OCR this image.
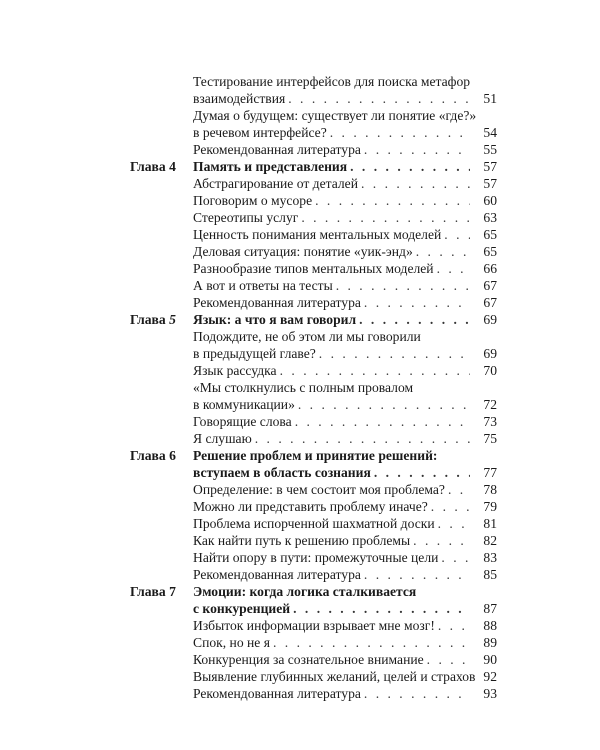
Тестирование интерфейсов для поиска метафор
взаимодействия . . .	51
Думая о будущем: существует ли понятие «где?»
в речевом интерфейсе? . . .	54
Рекомендованная литература . . .	55
Глава 4 Память и представления . . .	57
Абстрагирование от деталей . . .	57
Поговорим о мусоре . . .	60
Стереотипы услуг . . .	63
Ценность понимания ментальных моделей . . .	65
Деловая ситуация: понятие «уик-энд» . . .	65
Разнообразие типов ментальных моделей . . .	66
А вот и ответы на тесты . . .	67
Рекомендованная литература . . .	67
Глава 5 Язык: а что я вам говорил . . .	69
Подождите, не об этом ли мы говорили
в предыдущей главе? . . .	69
Язык рассудка . . .	70
«Мы столкнулись с полным провалом
в коммуникации» . . .	72
Говорящие слова . . .	73
Я слушаю . . .	75
Глава 6 Решение проблем и принятие решений:
вступаем в область сознания . . .	77
Определение: в чем состоит моя проблема? . . .	78
Можно ли представить проблему иначе? . . .	79
Проблема испорченной шахматной доски . . .	81
Как найти путь к решению проблемы . . .	82
Найти опору в пути: промежуточные цели . . .	83
Рекомендованная литература . . .	85
Глава 7 Эмоции: когда логика сталкивается
с конкуренцией . . .	87
Избыток информации взрывает мне мозг! . . .	88
Спок, но не я . . .	89
Конкуренция за сознательное внимание . . .	90
Выявление глубинных желаний, целей и страхов 92
Рекомендованная литература . . .	93
